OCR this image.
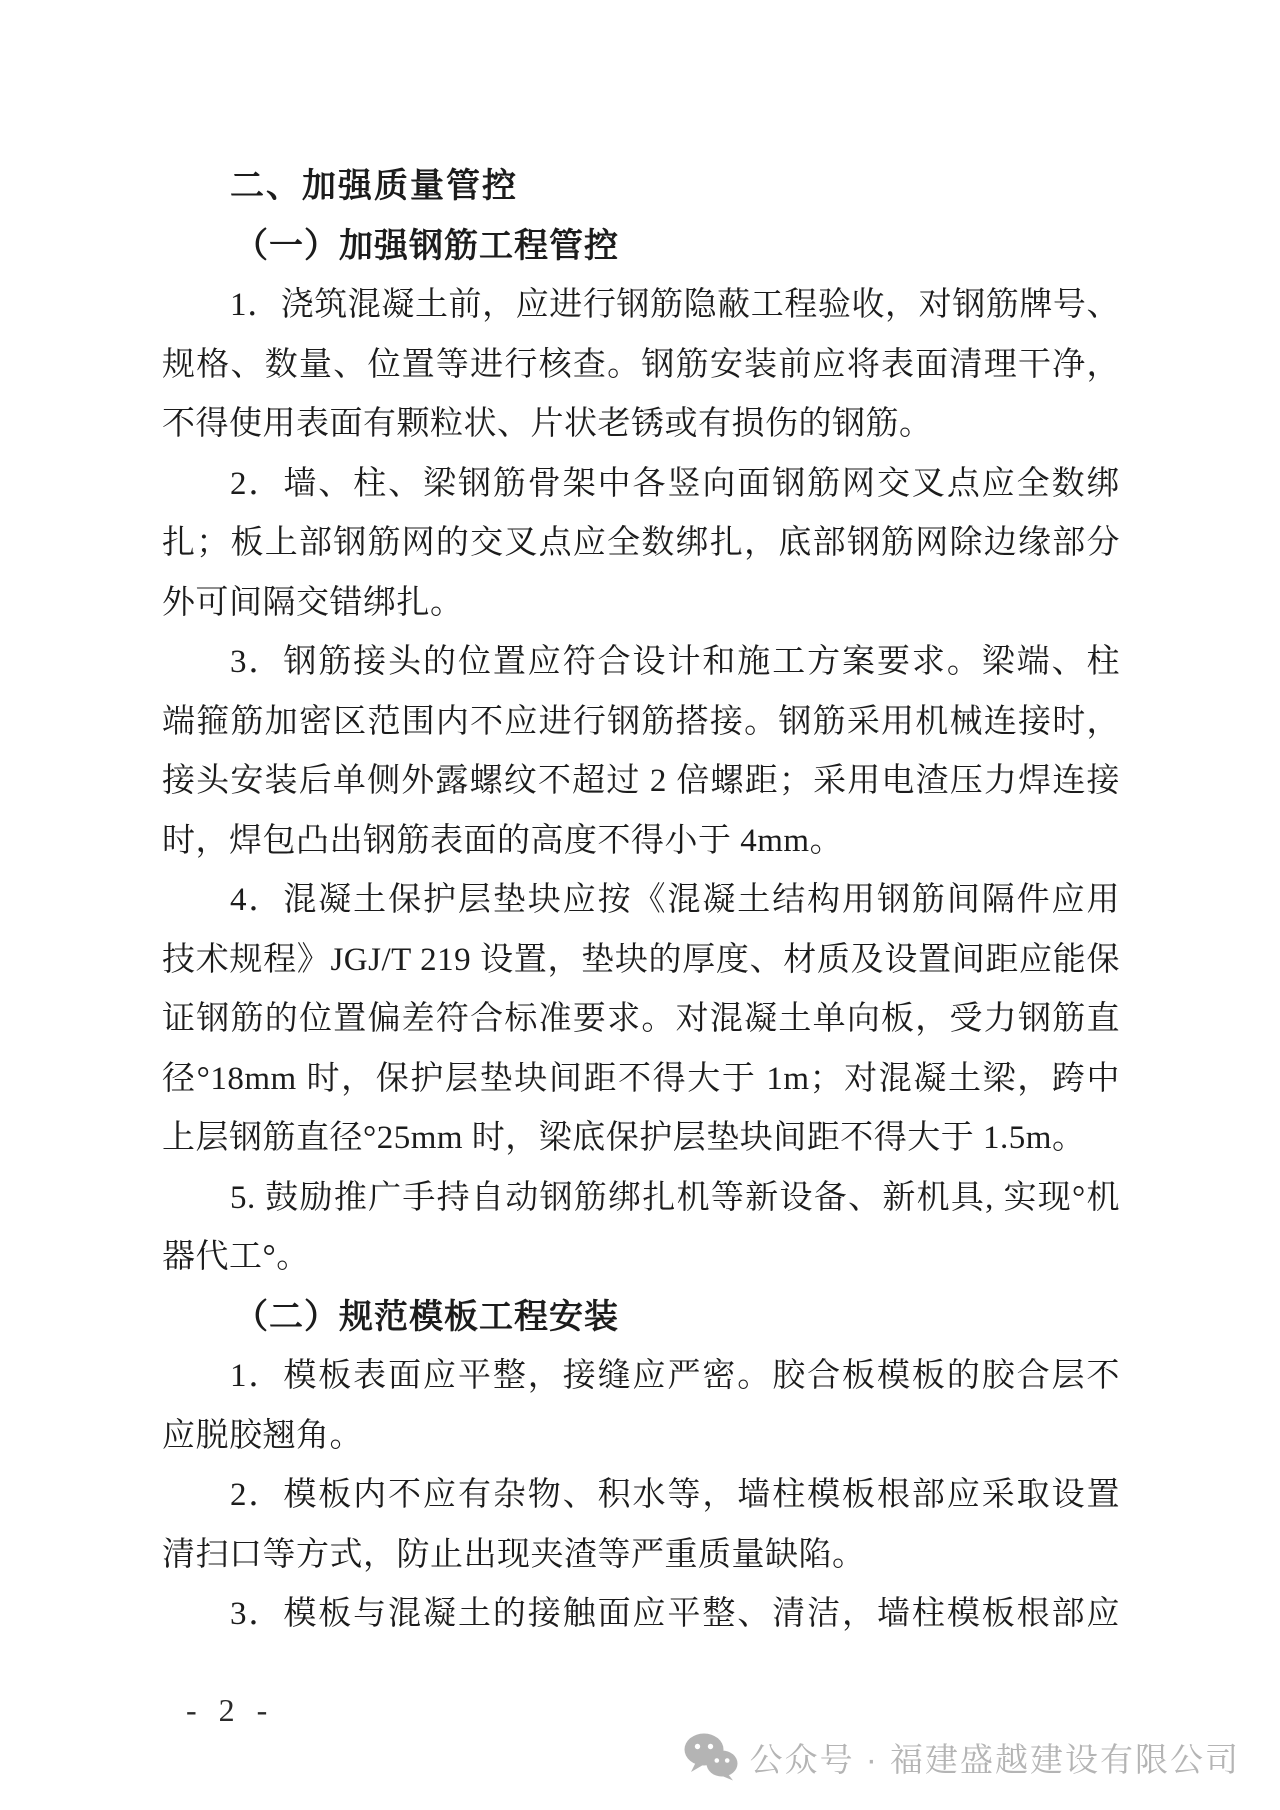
二、加强质量管控
（一）加强钢筋工程管控
1．浇筑混凝土前，应进行钢筋隐蔽工程验收，对钢筋牌号、
规格、数量、位置等进行核查。钢筋安装前应将表面清理干净，
不得使用表面有颗粒状、片状老锈或有损伤的钢筋。
2．墙、柱、梁钢筋骨架中各竖向面钢筋网交叉点应全数绑
扎；板上部钢筋网的交叉点应全数绑扎，底部钢筋网除边缘部分
外可间隔交错绑扎。
3．钢筋接头的位置应符合设计和施工方案要求。梁端、柱
端箍筋加密区范围内不应进行钢筋搭接。钢筋采用机械连接时，
接头安装后单侧外露螺纹不超过 2 倍螺距；采用电渣压力焊连接
时，焊包凸出钢筋表面的高度不得小于 4mm。
4．混凝土保护层垫块应按《混凝土结构用钢筋间隔件应用
技术规程》JGJ/T 219 设置，垫块的厚度、材质及设置间距应能保
证钢筋的位置偏差符合标准要求。对混凝土单向板，受力钢筋直
径°18mm 时，保护层垫块间距不得大于 1m；对混凝土梁，跨中
上层钢筋直径°25mm 时，梁底保护层垫块间距不得大于 1.5m。
5. 鼓励推广手持自动钢筋绑扎机等新设备、新机具, 实现°机
器代工°。
（二）规范模板工程安装
1．模板表面应平整，接缝应严密。胶合板模板的胶合层不
应脱胶翘角。
2．模板内不应有杂物、积水等，墙柱模板根部应采取设置
清扫口等方式，防止出现夹渣等严重质量缺陷。
3．模板与混凝土的接触面应平整、清洁，墙柱模板根部应
- 2 -
公众号 · 福建盛越建设有限公司
